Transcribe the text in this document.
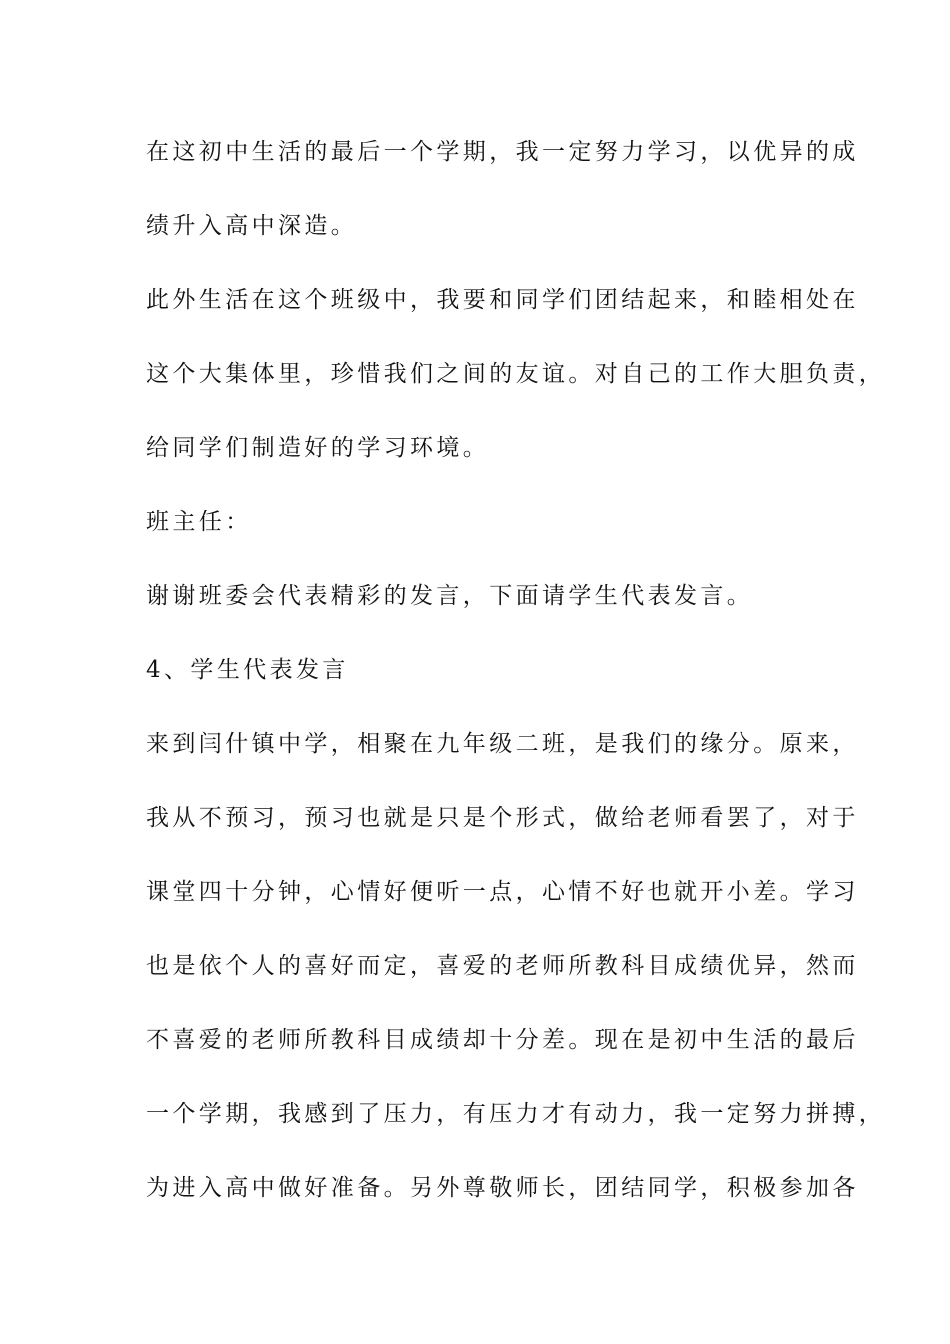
在这初中生活的最后一个学期，我一定努力学习，以优异的成
绩升入高中深造。
此外生活在这个班级中，我要和同学们团结起来，和睦相处在
这个大集体里，珍惜我们之间的友谊。对自己的工作大胆负责，
给同学们制造好的学习环境。
班主任：
谢谢班委会代表精彩的发言，下面请学生代表发言。
4、学生代表发言
来到闫什镇中学，相聚在九年级二班，是我们的缘分。原来，
我从不预习，预习也就是只是个形式，做给老师看罢了，对于
课堂四十分钟，心情好便听一点，心情不好也就开小差。学习
也是依个人的喜好而定，喜爱的老师所教科目成绩优异，然而
不喜爱的老师所教科目成绩却十分差。现在是初中生活的最后
一个学期，我感到了压力，有压力才有动力，我一定努力拼搏，
为进入高中做好准备。另外尊敬师长，团结同学，积极参加各
